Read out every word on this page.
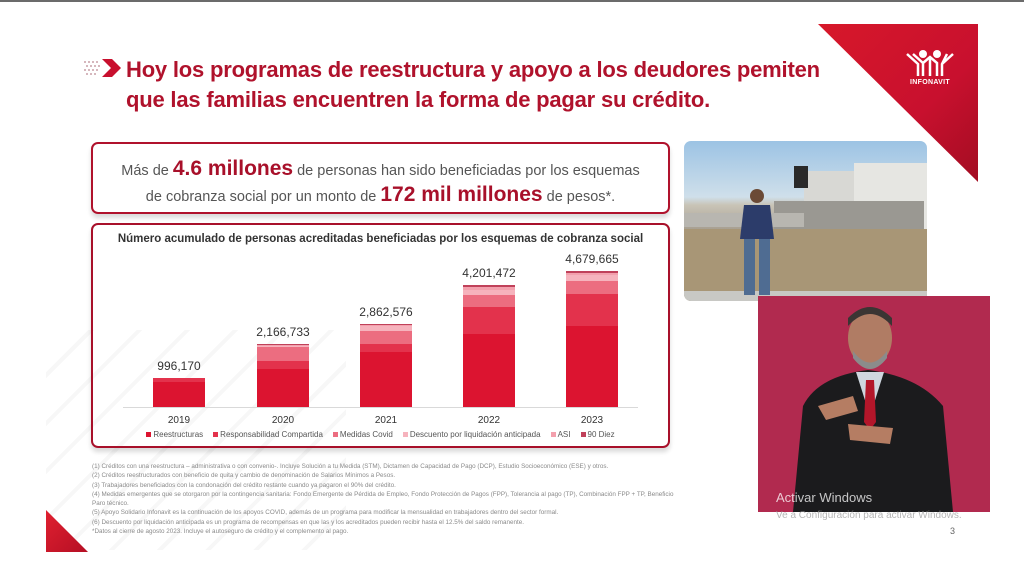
INFONAVIT
Hoy los programas de reestructura y apoyo a los deudores pemiten
que las familias encuentren la forma de pagar su crédito.
Más de 4.6 millones de personas han sido beneficiadas por los esquemas
de cobranza social por un monto de 172 mil millones de pesos*.
Número acumulado de personas acreditadas beneficiadas por los esquemas de cobranza social
996,170
2,166,733
2,862,576
4,201,472
4,679,665
Reestructuras Responsabilidad Compartida Medidas Covid Descuento por liquidación anticipada ASI 90 Diez
2019	2020	2021	2022	2023
(1) Créditos con una reestructura – administrativa o con convenio-. Incluye Solución a tu Medida (STM), Dictamen de Capacidad de Pago (DCP), Estudio Socioeconómico (ESE) y otros.
(2) Créditos reestructurados con beneficio de quita y cambio de denominación de Salarios Mínimos a Pesos.
(3) Trabajadores beneficiados con la condonación del crédito restante cuando ya pagaron el 90% del crédito.
(4) Medidas emergentes que se otorgaron por la contingencia sanitaria: Fondo Emergente de Pérdida de Empleo, Fondo Protección de Pagos (FPP), Tolerancia al pago (TP), Combinación FPP + TP, Beneficio Paro técnico.
(5) Apoyo Solidario Infonavit es la continuación de los apoyos COVID, además de un programa para modificar la mensualidad en trabajadores dentro del sector formal.
(6) Descuento por liquidación anticipada es un programa de recompensas en que las y los acreditados pueden recibir hasta el 12.5% del saldo remanente.
*Datos al cierre de agosto 2023. Incluye el autoseguro de crédito y el complemento al pago.
Activar Windows
Ve a Configuración para activar Windows.
3
